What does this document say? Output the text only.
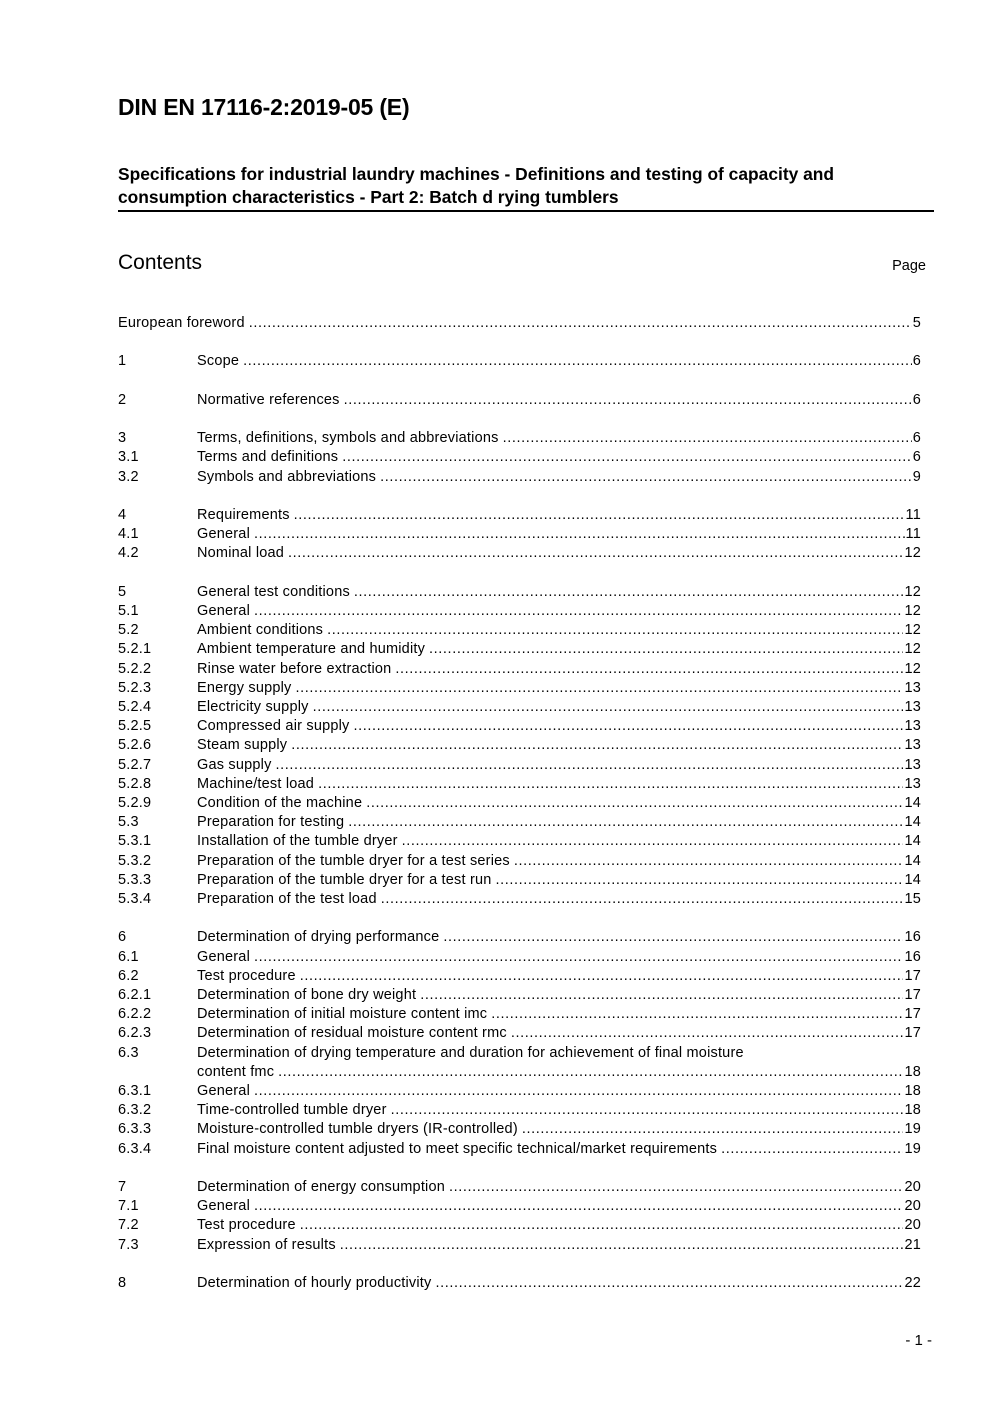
DIN EN 17116-2:2019-05 (E)
Specifications for industrial laundry machines - Definitions and testing of capacity and consumption characteristics - Part 2: Batch d rying tumblers
Contents	Page
European foreword .....	5
1	Scope .....	6
2	Normative references .....	6
3	Terms, definitions, symbols and abbreviations .....	6
3.1	Terms and definitions .....	6
3.2	Symbols and abbreviations .....	9
4	Requirements .....	11
4.1	General .....	11
4.2	Nominal load .....	12
5	General test conditions .....	12
5.1	General .....	12
5.2	Ambient conditions .....	12
5.2.1	Ambient temperature and humidity .....	12
5.2.2	Rinse water before extraction .....	12
5.2.3	Energy supply .....	13
5.2.4	Electricity supply .....	13
5.2.5	Compressed air supply .....	13
5.2.6	Steam supply .....	13
5.2.7	Gas supply .....	13
5.2.8	Machine/test load .....	13
5.2.9	Condition of the machine .....	14
5.3	Preparation for testing .....	14
5.3.1	Installation of the tumble dryer .....	14
5.3.2	Preparation of the tumble dryer for a test series .....	14
5.3.3	Preparation of the tumble dryer for a test run .....	14
5.3.4	Preparation of the test load .....	15
6	Determination of drying performance .....	16
6.1	General .....	16
6.2	Test procedure .....	17
6.2.1	Determination of bone dry weight .....	17
6.2.2	Determination of initial moisture content imc .....	17
6.2.3	Determination of residual moisture content rmc .....	17
6.3	Determination of drying temperature and duration for achievement of final moisture
content fmc .....	18
6.3.1	General .....	18
6.3.2	Time-controlled tumble dryer .....	18
6.3.3	Moisture-controlled tumble dryers (IR-controlled) .....	19
6.3.4	Final moisture content adjusted to meet specific technical/market requirements .....	19
7	Determination of energy consumption .....	20
7.1	General .....	20
7.2	Test procedure .....	20
7.3	Expression of results .....	21
8	Determination of hourly productivity .....	22
- 1 -
